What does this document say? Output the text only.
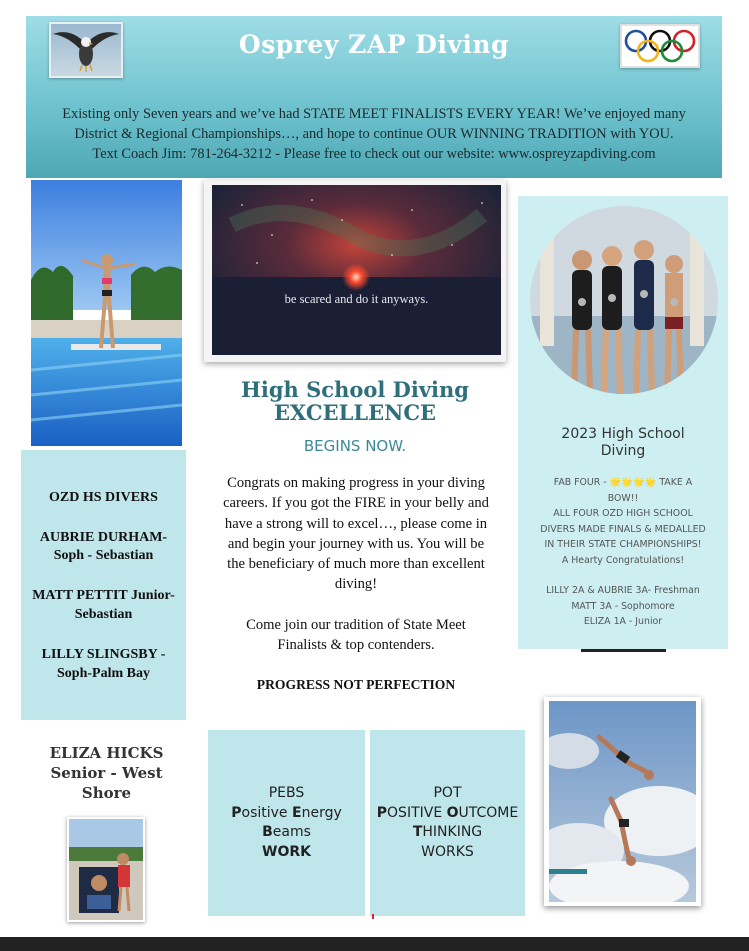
Osprey ZAP Diving
Existing only Seven years and we’ve had STATE MEET FINALISTS EVERY YEAR! We’ve enjoyed many
District & Regional Championships…, and hope to continue OUR WINNING TRADITION with YOU.
Text Coach Jim: 781-264-3212 - Please free to check out our website: www.ospreyzapdiving.com
OZD HS DIVERS
AUBRIE DURHAM-
Soph - Sebastian
MATT PETTIT Junior-
Sebastian
LILLY SLINGSBY -
Soph-Palm Bay
ELIZA HICKS
Senior - West
Shore
be scared and do it anyways.
High School Diving
EXCELLENCE
BEGINS NOW.
Congrats on making progress in your diving
careers. If you got the FIRE in your belly and
have a strong will to excel…, please come in
and begin your journey with us. You will be
the beneficiary of much more than excellent
diving!
Come join our tradition of State Meet
Finalists & top contenders.
PROGRESS NOT PERFECTION
2023 High School
Diving
FAB FOUR - 🌟🌟🌟🌟 TAKE A
BOW!!
ALL FOUR OZD HIGH SCHOOL
DIVERS MADE FINALS & MEDALLED
IN THEIR STATE CHAMPIONSHIPS!
A Hearty Congratulations!
LILLY 2A & AUBRIE 3A- Freshman
MATT 3A - Sophomore
ELIZA 1A - Junior
PEBS
Positive Energy
Beams
WORK
POT
POSITIVE OUTCOME
THINKING
WORKS
